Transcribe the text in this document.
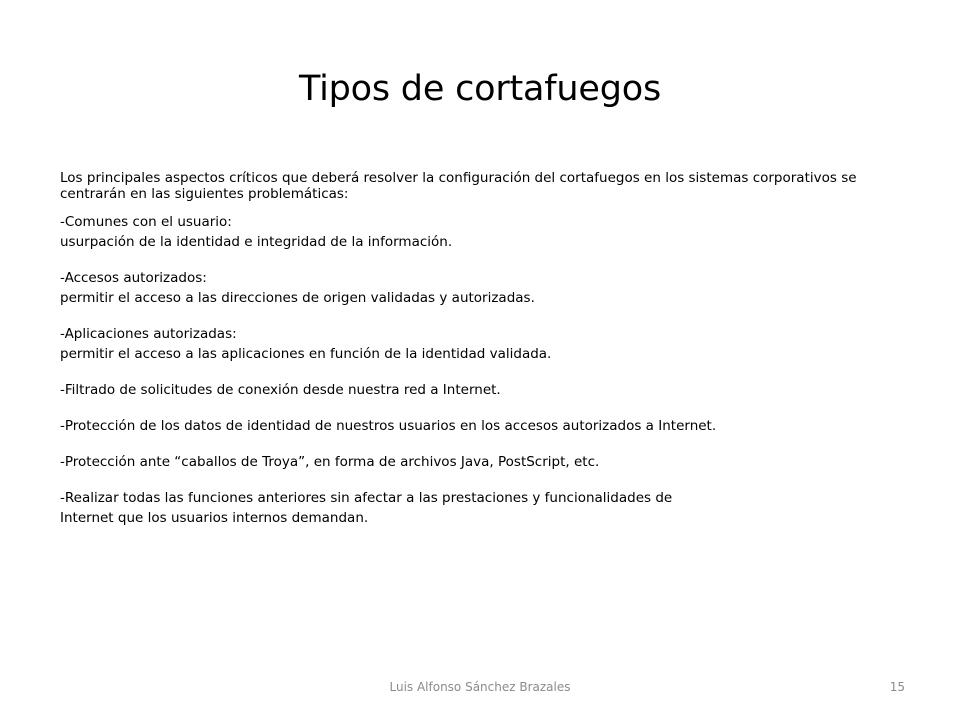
Tipos de cortafuegos

Los principales aspectos críticos que deberá resolver la configuración del cortafuegos en los sistemas corporativos se centrarán en las siguientes problemáticas:

-Comunes con el usuario:

usurpación de la identidad e integridad de la información.

-Accesos autorizados:

permitir el acceso a las direcciones de origen validadas y autorizadas.

-Aplicaciones autorizadas:

permitir el acceso a las aplicaciones en función de la identidad validada.

-Filtrado de solicitudes de conexión desde nuestra red a Internet.

-Protección de los datos de identidad de nuestros usuarios en los accesos autorizados a Internet.

-Protección ante “caballos de Troya”, en forma de archivos Java, PostScript, etc.

-Realizar todas las funciones anteriores sin afectar a las prestaciones y funcionalidades de

Internet que los usuarios internos demandan.

Luis Alfonso Sánchez Brazales	15
